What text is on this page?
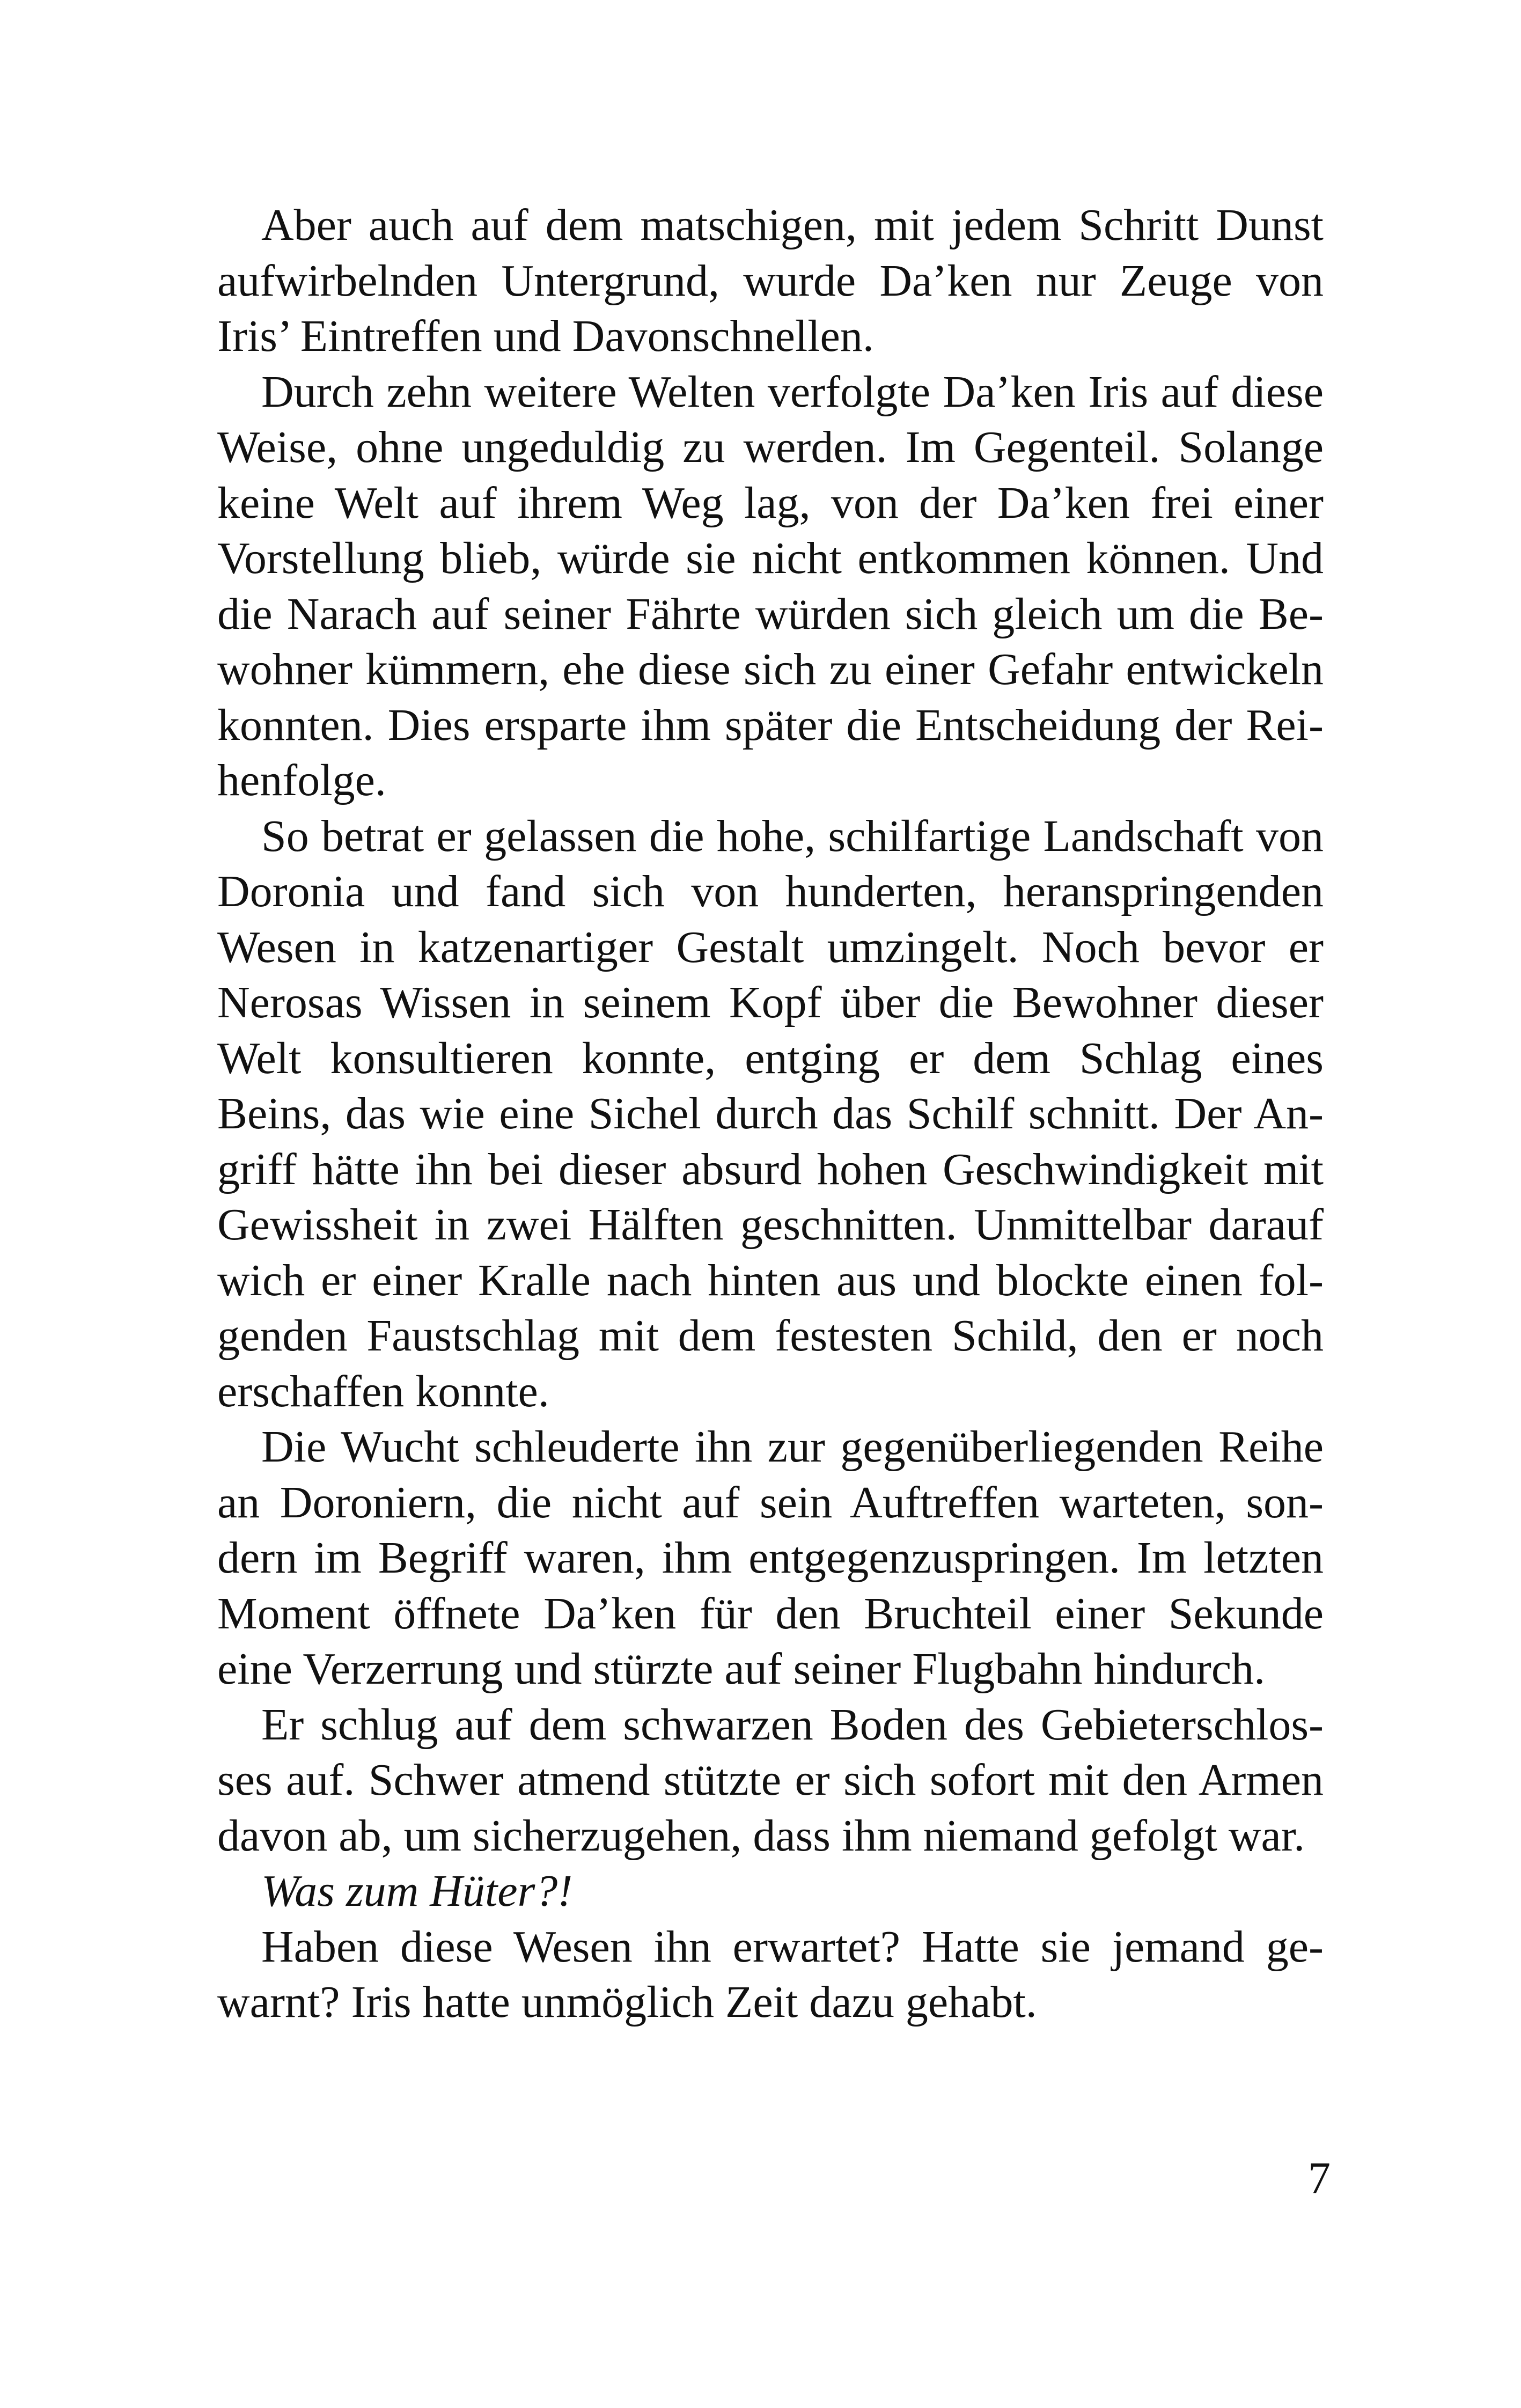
Aber auch auf dem matschigen, mit jedem Schritt Dunst
aufwirbelnden Untergrund, wurde Da’ken nur Zeuge von
Iris’ Eintreffen und Davonschnellen.
Durch zehn weitere Welten verfolgte Da’ken Iris auf diese
Weise, ohne ungeduldig zu werden. Im Gegenteil. Solange
keine Welt auf ihrem Weg lag, von der Da’ken frei einer
Vorstellung blieb, würde sie nicht entkommen können. Und
die Narach auf seiner Fährte würden sich gleich um die Be-
wohner kümmern, ehe diese sich zu einer Gefahr entwickeln
konnten. Dies ersparte ihm später die Entscheidung der Rei-
henfolge.
So betrat er gelassen die hohe, schilfartige Landschaft von
Doronia und fand sich von hunderten, heranspringenden
Wesen in katzenartiger Gestalt umzingelt. Noch bevor er
Nerosas Wissen in seinem Kopf über die Bewohner dieser
Welt konsultieren konnte, entging er dem Schlag eines
Beins, das wie eine Sichel durch das Schilf schnitt. Der An-
griff hätte ihn bei dieser absurd hohen Geschwindigkeit mit
Gewissheit in zwei Hälften geschnitten. Unmittelbar darauf
wich er einer Kralle nach hinten aus und blockte einen fol-
genden Faustschlag mit dem festesten Schild, den er noch
erschaffen konnte.
Die Wucht schleuderte ihn zur gegenüberliegenden Reihe
an Doroniern, die nicht auf sein Auftreffen warteten, son-
dern im Begriff waren, ihm entgegenzuspringen. Im letzten
Moment öffnete Da’ken für den Bruchteil einer Sekunde
eine Verzerrung und stürzte auf seiner Flugbahn hindurch.
Er schlug auf dem schwarzen Boden des Gebieterschlos-
ses auf. Schwer atmend stützte er sich sofort mit den Armen
davon ab, um sicherzugehen, dass ihm niemand gefolgt war.
Was zum Hüter?!
Haben diese Wesen ihn erwartet? Hatte sie jemand ge-
warnt? Iris hatte unmöglich Zeit dazu gehabt.
7
